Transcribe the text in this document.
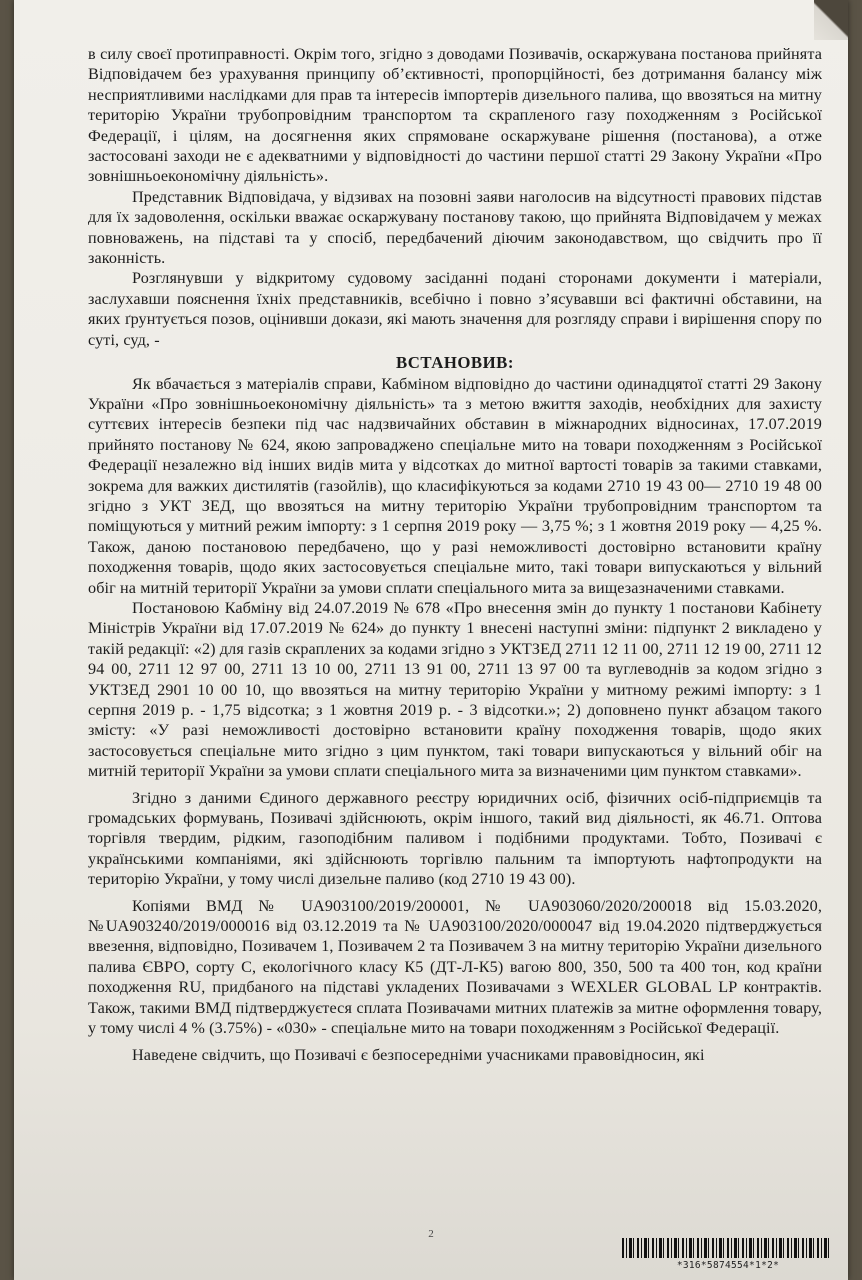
в силу своєї протиправності. Окрім того, згідно з доводами Позивачів, оскаржувана постанова прийнята Відповідачем без урахування принципу об’єктивності, пропорційності, без дотримання балансу між несприятливими наслідками для прав та інтересів імпортерів дизельного палива, що ввозяться на митну територію України трубопровідним транспортом та скрапленого газу походженням з Російської Федерації, і цілям, на досягнення яких спрямоване оскаржуване рішення (постанова), а отже застосовані заходи не є адекватними у відповідності до частини першої статті 29 Закону України «Про зовнішньоекономічну діяльність».

Представник Відповідача, у відзивах на позовні заяви наголосив на відсутності правових підстав для їх задоволення, оскільки вважає оскаржувану постанову такою, що прийнята Відповідачем у межах повноважень, на підставі та у спосіб, передбачений діючим законодавством, що свідчить про її законність.

Розглянувши у відкритому судовому засіданні подані сторонами документи і матеріали, заслухавши пояснення їхніх представників, всебічно і повно з’ясувавши всі фактичні обставини, на яких ґрунтується позов, оцінивши докази, які мають значення для розгляду справи і вирішення спору по суті, суд, -

ВСТАНОВИВ:

Як вбачається з матеріалів справи, Кабміном відповідно до частини одинадцятої статті 29 Закону України «Про зовнішньоекономічну діяльність» та з метою вжиття заходів, необхідних для захисту суттєвих інтересів безпеки під час надзвичайних обставин в міжнародних відносинах, 17.07.2019 прийнято постанову № 624, якою запроваджено спеціальне мито на товари походженням з Російської Федерації незалежно від інших видів мита у відсотках до митної вартості товарів за такими ставками, зокрема для важких дистилятів (газойлів), що класифікуються за кодами 2710 19 43 00— 2710 19 48 00 згідно з УКТ ЗЕД, що ввозяться на митну територію України трубопровідним транспортом та поміщуються у митний режим імпорту: з 1 серпня 2019 року — 3,75 %; з 1 жовтня 2019 року — 4,25 %. Також, даною постановою передбачено, що у разі неможливості достовірно встановити країну походження товарів, щодо яких застосовується спеціальне мито, такі товари випускаються у вільний обіг на митній території України за умови сплати спеціального мита за вищезазначеними ставками.

Постановою Кабміну від 24.07.2019 № 678 «Про внесення змін до пункту 1 постанови Кабінету Міністрів України від 17.07.2019 № 624» до пункту 1 внесені наступні зміни: підпункт 2 викладено у такій редакції: «2) для газів скраплених за кодами згідно з УКТЗЕД 2711 12 11 00, 2711 12 19 00, 2711 12 94 00, 2711 12 97 00, 2711 13 10 00, 2711 13 91 00, 2711 13 97 00 та вуглеводнів за кодом згідно з УКТЗЕД 2901 10 00 10, що ввозяться на митну територію України у митному режимі імпорту: з 1 серпня 2019 р. - 1,75 відсотка; з 1 жовтня 2019 р. - 3 відсотки.»; 2) доповнено пункт абзацом такого змісту: «У разі неможливості достовірно встановити країну походження товарів, щодо яких застосовується спеціальне мито згідно з цим пунктом, такі товари випускаються у вільний обіг на митній території України за умови сплати спеціального мита за визначеними цим пунктом ставками».

Згідно з даними Єдиного державного реєстру юридичних осіб, фізичних осіб-підприємців та громадських формувань, Позивачі здійснюють, окрім іншого, такий вид діяльності, як 46.71. Оптова торгівля твердим, рідким, газоподібним паливом і подібними продуктами. Тобто, Позивачі є українськими компаніями, які здійснюють торгівлю пальним та імпортують нафтопродукти на територію України, у тому числі дизельне паливо (код 2710 19 43 00).

Копіями ВМД № UA903100/2019/200001, № UA903060/2020/200018 від 15.03.2020, №UA903240/2019/000016 від 03.12.2019 та № UA903100/2020/000047 від 19.04.2020 підтверджується ввезення, відповідно, Позивачем 1, Позивачем 2 та Позивачем 3 на митну територію України дизельного палива ЄВРО, сорту С, екологічного класу К5 (ДТ-Л-К5) вагою 800, 350, 500 та 400 тон, код країни походження RU, придбаного на підставі укладених Позивачами з WEXLER GLOBAL LP контрактів. Також, такими ВМД підтверджуєтеся сплата Позивачами митних платежів за митне оформлення товару, у тому числі 4 % (3.75%) - «030» - спеціальне мито на товари походженням з Російської Федерації.

Наведене свідчить, що Позивачі є безпосередніми учасниками правовідносин, які

2
*316*5874554*1*2*
